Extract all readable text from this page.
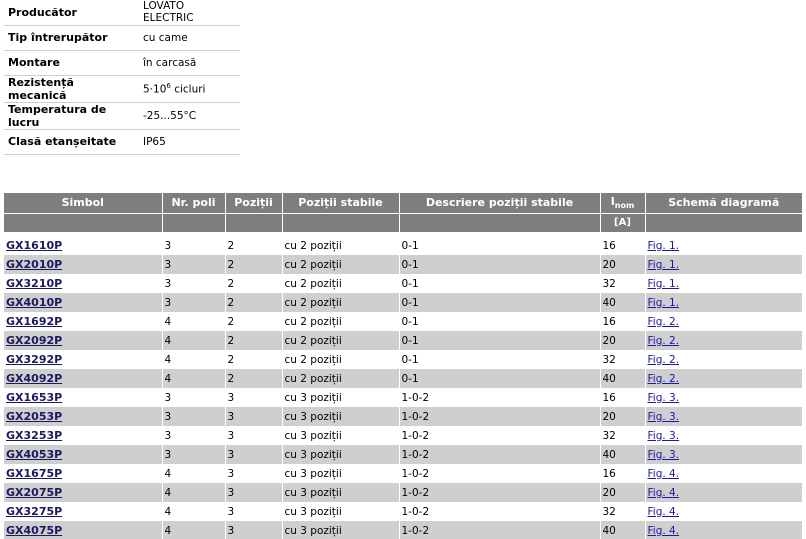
Producător	LOVATO ELECTRIC
Tip întrerupător	cu came
Montare	în carcasă
Rezistență mecanică	$5\cdot 10^6$ cicluri
Temperatura de lucru	-25...55°C
Clasă etanșeitate	IP65
Simbol	Nr. poli	Poziții	Poziții stabile	Descriere poziții stabile	$I_{nom}$	Schemă diagramă
					[A]	

GX1610P	3	2	cu 2 poziții	0-1	16	Fig. 1.
GX2010P	3	2	cu 2 poziții	0-1	20	Fig. 1.
GX3210P	3	2	cu 2 poziții	0-1	32	Fig. 1.
GX4010P	3	2	cu 2 poziții	0-1	40	Fig. 1.
GX1692P	4	2	cu 2 poziții	0-1	16	Fig. 2.
GX2092P	4	2	cu 2 poziții	0-1	20	Fig. 2.
GX3292P	4	2	cu 2 poziții	0-1	32	Fig. 2.
GX4092P	4	2	cu 2 poziții	0-1	40	Fig. 2.
GX1653P	3	3	cu 3 poziții	1-0-2	16	Fig. 3.
GX2053P	3	3	cu 3 poziții	1-0-2	20	Fig. 3.
GX3253P	3	3	cu 3 poziții	1-0-2	32	Fig. 3.
GX4053P	3	3	cu 3 poziții	1-0-2	40	Fig. 3.
GX1675P	4	3	cu 3 poziții	1-0-2	16	Fig. 4.
GX2075P	4	3	cu 3 poziții	1-0-2	20	Fig. 4.
GX3275P	4	3	cu 3 poziții	1-0-2	32	Fig. 4.
GX4075P	4	3	cu 3 poziții	1-0-2	40	Fig. 4.
